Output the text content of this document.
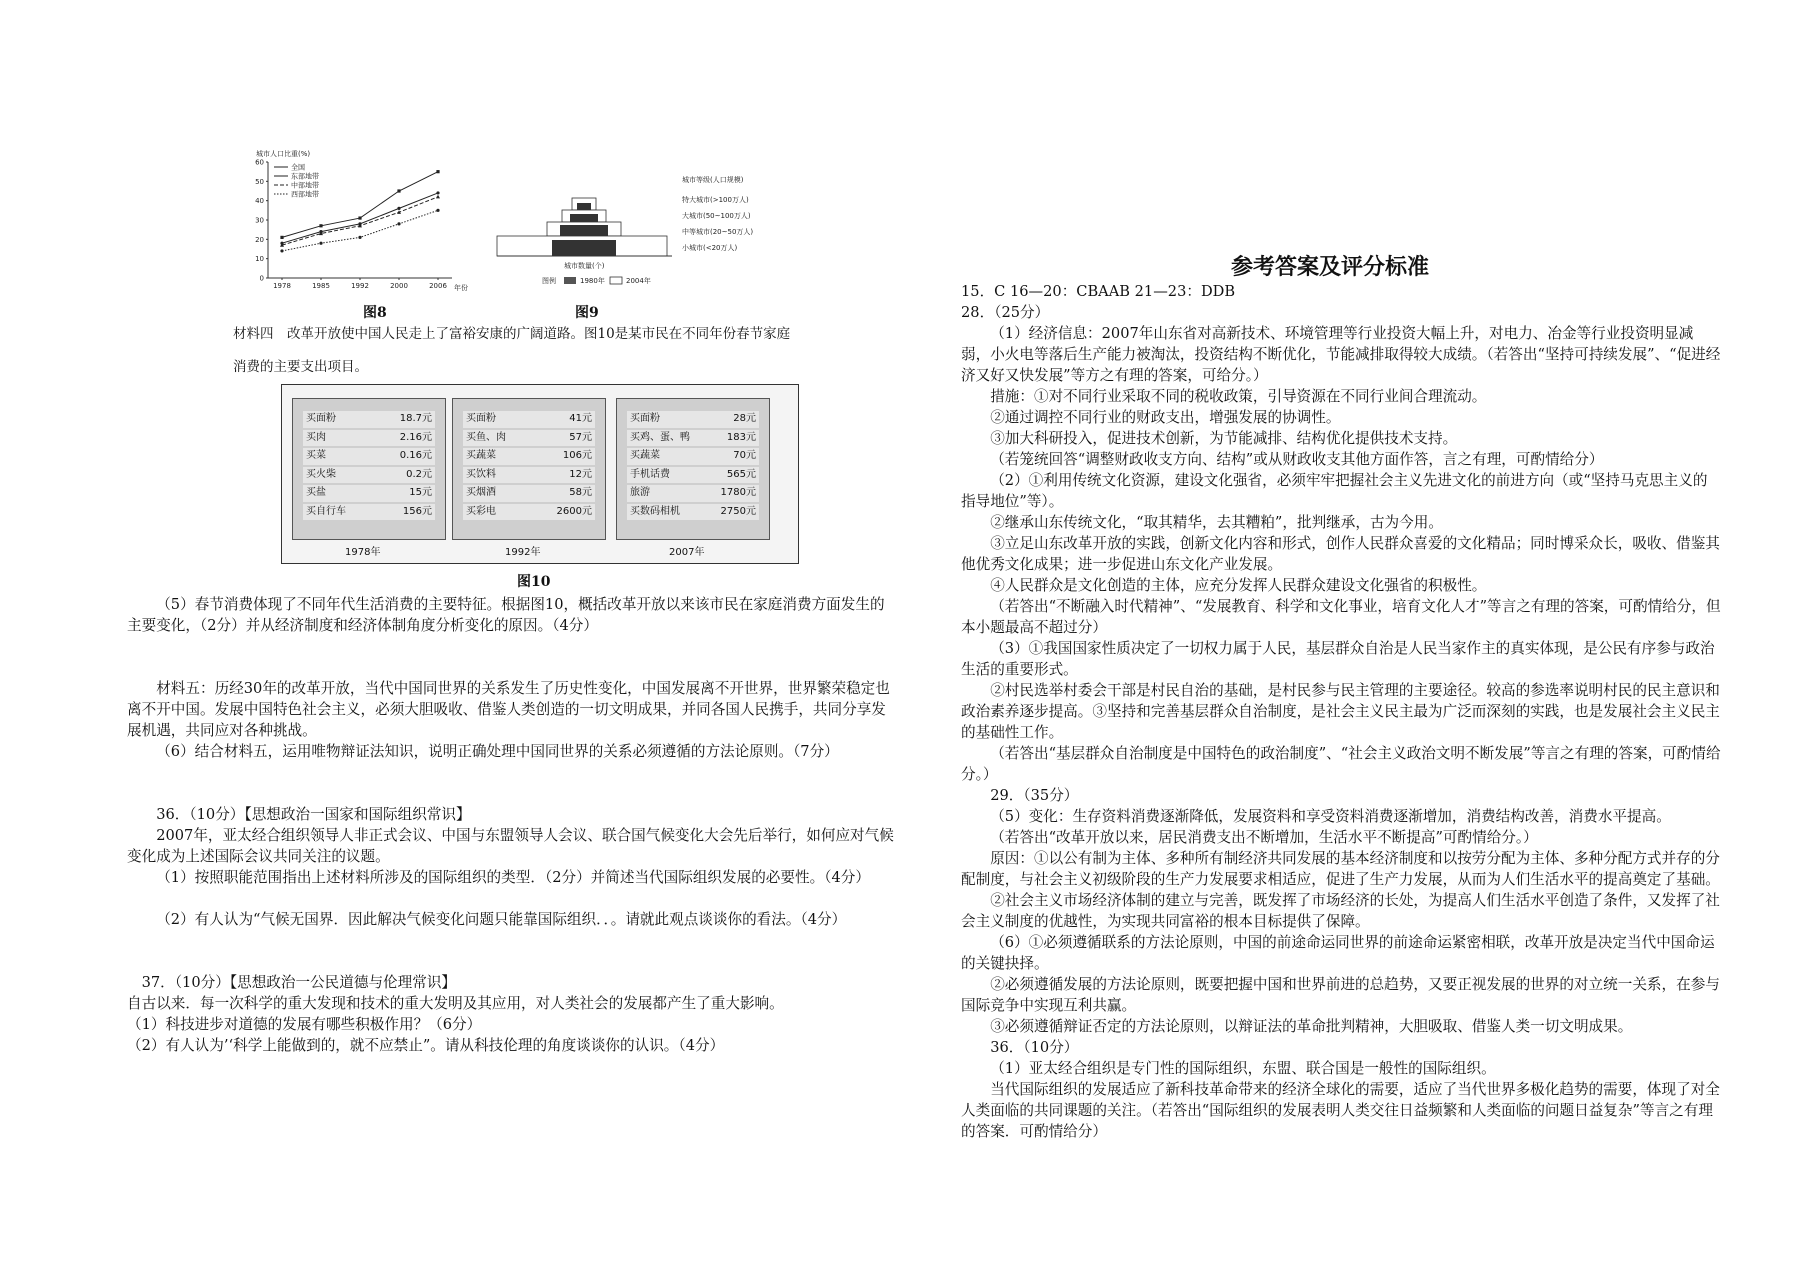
城市人口比重(%)
0
10
20
30
40
50
60
1978	1985	1992	2000	2006
全国
东部地带
中部地带
西部地带
年份
图8
城市数量(个)
图例	1980年	2004年
城市等级(人口规模)
特大城市(>100万人)
大城市(50~100万人)
中等城市(20~50万人)
小城市(<20万人)
图9
材料四　改革开放使中国人民走上了富裕安康的广阔道路。图10是某市民在不同年份春节家庭消费的主要支出项目。
买面粉	18.7元
买肉	2.16元
买菜	0.16元
买火柴	0.2元
买盐	15元
买自行车	156元
买面粉	41元
买鱼、肉	57元
买蔬菜	106元
买饮料	12元
买烟酒	58元
买彩电	2600元
买面粉	28元
买鸡、蛋、鸭	183元
买蔬菜	70元
手机话费	565元
旅游	1780元
买数码相机	2750元
1978年	1992年	2007年
图10

（5）春节消费体现了不同年代生活消费的主要特征。根据图10，概括改革开放以来该市民在家庭消费方面发生的主要变化，（2分）并从经济制度和经济体制角度分析变化的原因。（4分）

材料五：历经30年的改革开放，当代中国同世界的关系发生了历史性变化，中国发展离不开世界，世界繁荣稳定也离不开中国。发展中国特色社会主义，必须大胆吸收、借鉴人类创造的一切文明成果，并同各国人民携手，共同分享发展机遇，共同应对各种挑战。

（6）结合材料五，运用唯物辩证法知识，说明正确处理中国同世界的关系必须遵循的方法论原则。（7分）

36．（10分）【思想政治一国家和国际组织常识】

2007年，亚太经合组织领导人非正式会议、中国与东盟领导人会议、联合国气候变化大会先后举行，如何应对气候变化成为上述国际会议共同关注的议题。

（1）按照职能范围指出上述材料所涉及的国际组织的类型．（2分）并简述当代国际组织发展的必要性。（4分）

（2）有人认为“气候无国界．因此解决气候变化问题只能靠国际组织．．。请就此观点谈谈你的看法。（4分）

37．（10分）【思想政治一公民道德与伦理常识】

自古以来．每一次科学的重大发现和技术的重大发明及其应用，对人类社会的发展都产生了重大影响。

（1）科技进步对道德的发展有哪些积极作用？（6分）

（2）有人认为’‘科学上能做到的，就不应禁止”。请从科技伦理的角度谈谈你的认识。（4分）

参考答案及评分标准

15．C 16—20：CBAAB 21—23：DDB

28．（25分）

（1）经济信息：2007年山东省对高新技术、环境管理等行业投资大幅上升，对电力、冶金等行业投资明显减弱，小火电等落后生产能力被淘汰，投资结构不断优化，节能减排取得较大成绩。（若答出“坚持可持续发展”、“促进经济又好又快发展”等方之有理的答案，可给分。）

措施：①对不同行业采取不同的税收政策，引导资源在不同行业间合理流动。

②通过调控不同行业的财政支出，增强发展的协调性。

③加大科研投入，促进技术创新，为节能减排、结构优化提供技术支持。

（若笼统回答“调整财政收支方向、结构”或从财政收支其他方面作答，言之有理，可酌情给分）

（2）①利用传统文化资源，建设文化强省，必须牢牢把握社会主义先进文化的前进方向（或“坚持马克思主义的指导地位”等）。

②继承山东传统文化，“取其精华，去其糟粕”，批判继承，古为今用。

③立足山东改革开放的实践，创新文化内容和形式，创作人民群众喜爱的文化精品；同时博采众长，吸收、借鉴其他优秀文化成果；进一步促进山东文化产业发展。

④人民群众是文化创造的主体，应充分发挥人民群众建设文化强省的积极性。

（若答出“不断融入时代精神”、“发展教育、科学和文化事业，培育文化人才”等言之有理的答案，可酌情给分，但本小题最高不超过分）

（3）①我国国家性质决定了一切权力属于人民，基层群众自治是人民当家作主的真实体现，是公民有序参与政治生活的重要形式。

②村民选举村委会干部是村民自治的基础，是村民参与民主管理的主要途径。较高的参选率说明村民的民主意识和政治素养逐步提高。③坚持和完善基层群众自治制度，是社会主义民主最为广泛而深刻的实践，也是发展社会主义民主的基础性工作。

（若答出“基层群众自治制度是中国特色的政治制度”、“社会主义政治文明不断发展”等言之有理的答案，可酌情给分。）

29．（35分）

（5）变化：生存资料消费逐渐降低，发展资料和享受资料消费逐渐增加，消费结构改善，消费水平提高。

（若答出“改革开放以来，居民消费支出不断增加，生活水平不断提高”可酌情给分。）

原因：①以公有制为主体、多种所有制经济共同发展的基本经济制度和以按劳分配为主体、多种分配方式并存的分配制度，与社会主义初级阶段的生产力发展要求相适应，促进了生产力发展，从而为人们生活水平的提高奠定了基础。

②社会主义市场经济体制的建立与完善，既发挥了市场经济的长处，为提高人们生活水平创造了条件，又发挥了社会主义制度的优越性，为实现共同富裕的根本目标提供了保障。

（6）①必须遵循联系的方法论原则，中国的前途命运同世界的前途命运紧密相联，改革开放是决定当代中国命运的关键抉择。

②必须遵循发展的方法论原则，既要把握中国和世界前进的总趋势，又要正视发展的世界的对立统一关系，在参与国际竞争中实现互利共赢。

③必须遵循辩证否定的方法论原则，以辩证法的革命批判精神，大胆吸取、借鉴人类一切文明成果。

36．（10分）

（1）亚太经合组织是专门性的国际组织，东盟、联合国是一般性的国际组织。

当代国际组织的发展适应了新科技革命带来的经济全球化的需要，适应了当代世界多极化趋势的需要，体现了对全人类面临的共同课题的关注。（若答出“国际组织的发展表明人类交往日益频繁和人类面临的问题日益复杂”等言之有理的答案．可酌情给分）
